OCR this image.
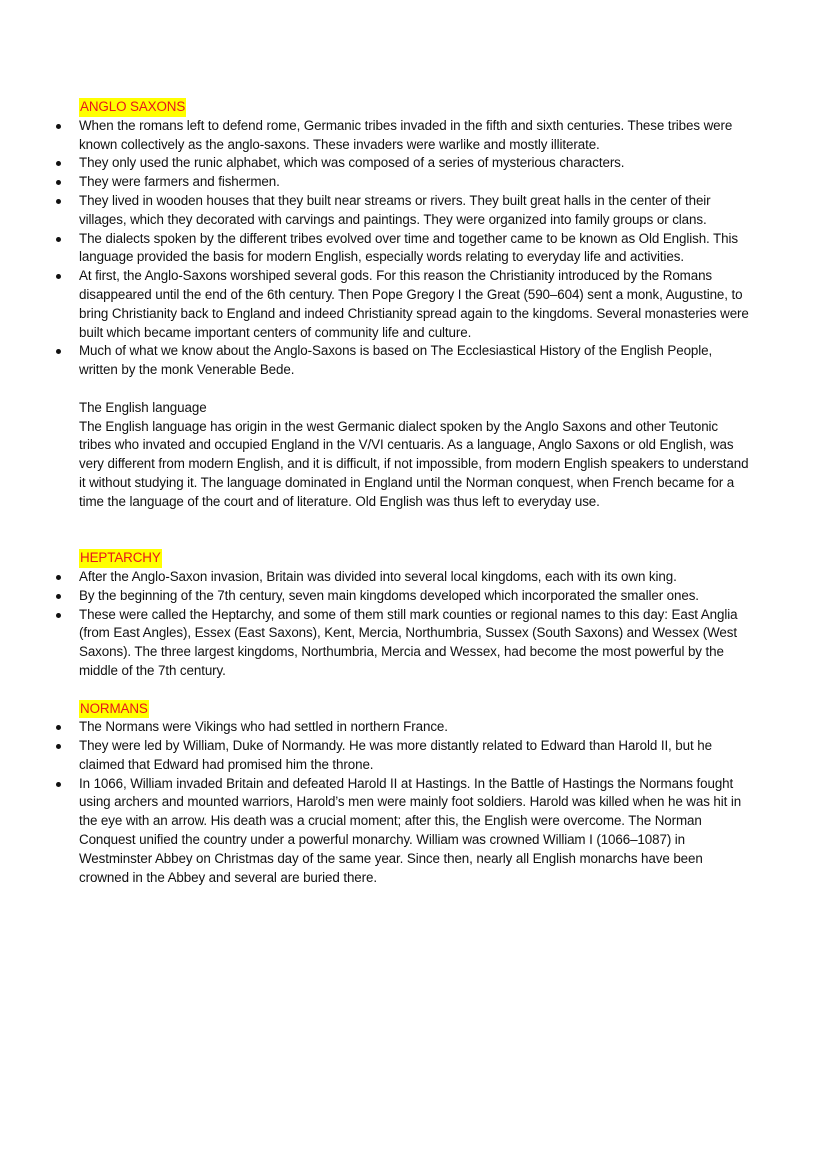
ANGLO SAXONS
When the romans left to defend rome, Germanic tribes invaded in the fifth and sixth centuries. These tribes were known collectively as the anglo-saxons. These invaders were warlike and mostly illiterate.
They only used the runic alphabet, which was composed of a series of mysterious characters.
They were farmers and fishermen.
They lived in wooden houses that they built near streams or rivers. They built great halls in the center of their villages, which they decorated with carvings and paintings. They were organized into family groups or clans.
The dialects spoken by the different tribes evolved over time and together came to be known as Old English. This language provided the basis for modern English, especially words relating to everyday life and activities.
At first, the Anglo-Saxons worshiped several gods. For this reason the Christianity introduced by the Romans disappeared until the end of the 6th century. Then Pope Gregory I the Great (590–604) sent a monk, Augustine, to bring Christianity back to England and indeed Christianity spread again to the kingdoms. Several monasteries were built which became important centers of community life and culture.
Much of what we know about the Anglo-Saxons is based on The Ecclesiastical History of the English People, written by the monk Venerable Bede.

The English language

The English language has origin in the west Germanic dialect spoken by the Anglo Saxons and other Teutonic tribes who invated and occupied England in the V/VI centuaris. As a language, Anglo Saxons or old English, was very different from modern English, and it is difficult, if not impossible, from modern English speakers to understand it without studying it. The language dominated in England until the Norman conquest, when French became for a time the language of the court and of literature. Old English was thus left to everyday use.

HEPTARCHY
After the Anglo-Saxon invasion, Britain was divided into several local kingdoms, each with its own king.
By the beginning of the 7th century, seven main kingdoms developed which incorporated the smaller ones.
These were called the Heptarchy, and some of them still mark counties or regional names to this day: East Anglia (from East Angles), Essex (East Saxons), Kent, Mercia, Northumbria, Sussex (South Saxons) and Wessex (West Saxons). The three largest kingdoms, Northumbria, Mercia and Wessex, had become the most powerful by the middle of the 7th century.
NORMANS
The Normans were Vikings who had settled in northern France.
They were led by William, Duke of Normandy. He was more distantly related to Edward than Harold II, but he claimed that Edward had promised him the throne.
In 1066, William invaded Britain and defeated Harold II at Hastings. In the Battle of Hastings the Normans fought using archers and mounted warriors, Harold’s men were mainly foot soldiers. Harold was killed when he was hit in the eye with an arrow. His death was a crucial moment; after this, the English were overcome. The Norman Conquest unified the country under a powerful monarchy. William was crowned William I (1066–1087) in Westminster Abbey on Christmas day of the same year. Since then, nearly all English monarchs have been crowned in the Abbey and several are buried there.
